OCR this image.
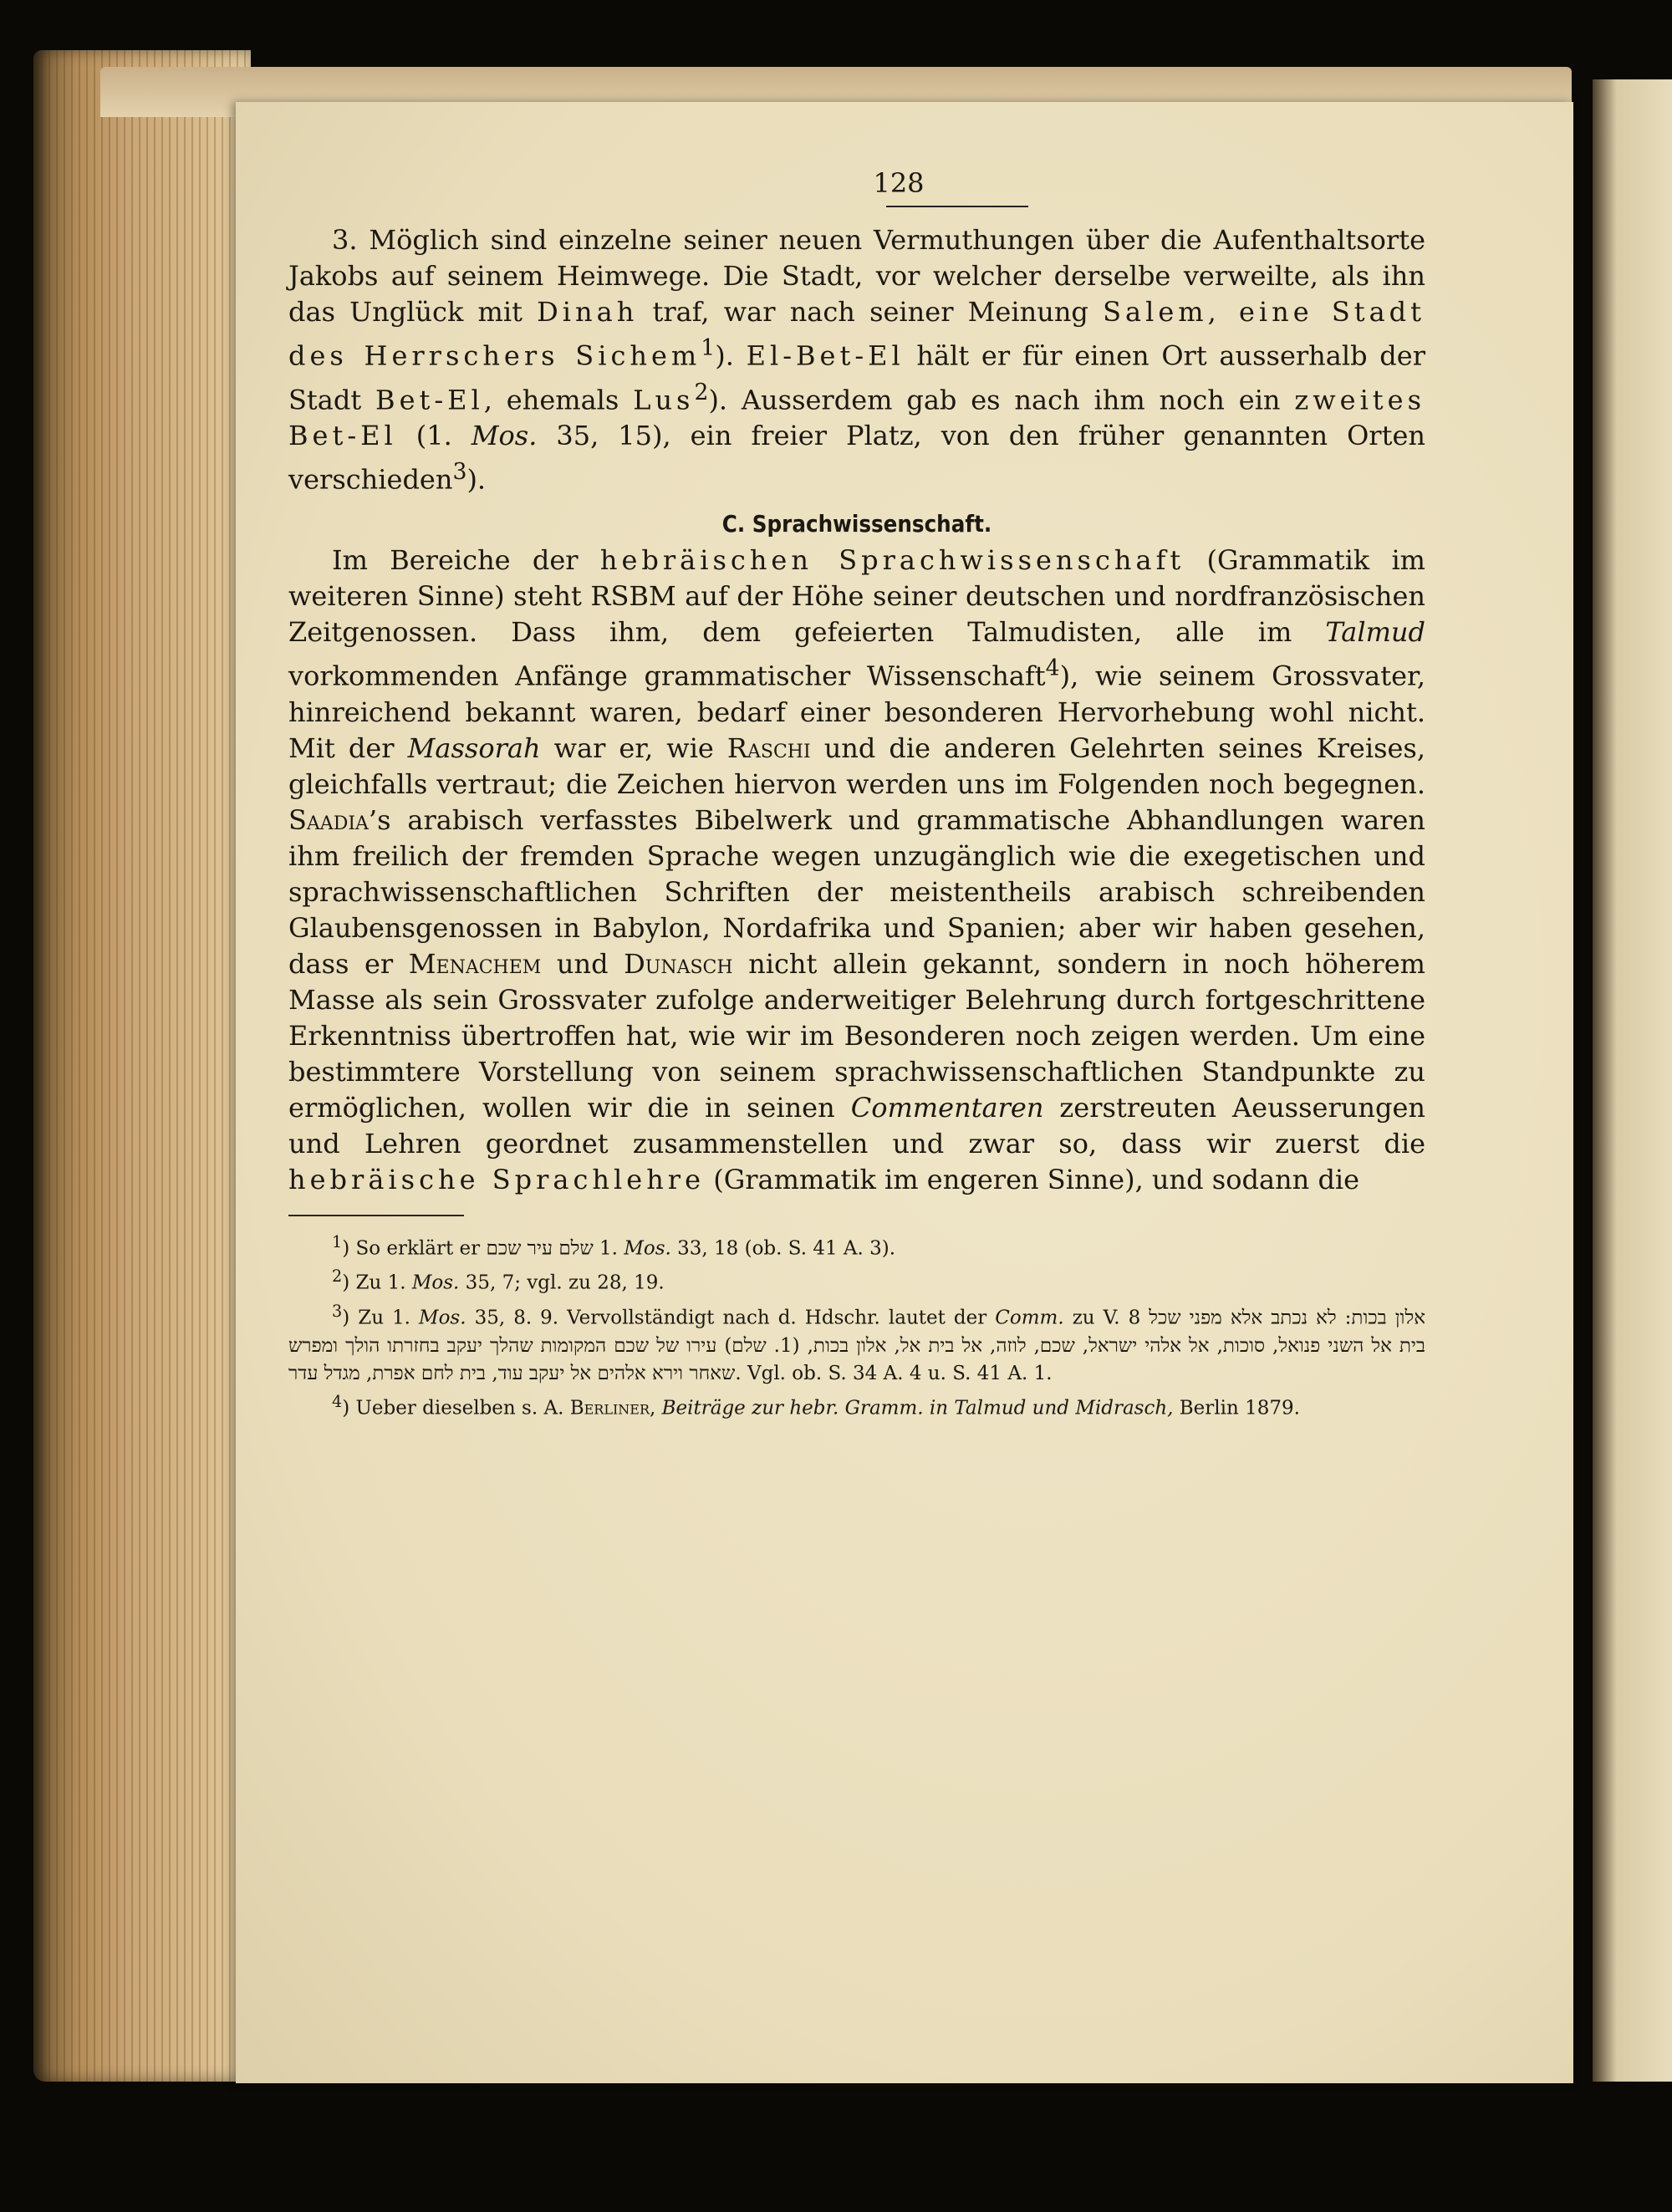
128

3. Möglich sind einzelne seiner neuen Vermuthungen über die Aufenthaltsorte Jakobs auf seinem Heimwege. Die Stadt, vor welcher derselbe verweilte, als ihn das Unglück mit Dinah traf, war nach seiner Meinung Salem, eine Stadt des Herrschers Sichem$^1$). El-Bet-El hält er für einen Ort ausserhalb der Stadt Bet-El, ehemals Lus$^2$). Ausserdem gab es nach ihm noch ein zweites Bet-El (1. Mos. 35, 15), ein freier Platz, von den früher genannten Orten verschieden$^3$).

C. Sprachwissenschaft.

Im Bereiche der hebräischen Sprachwissenschaft (Grammatik im weiteren Sinne) steht RSBM auf der Höhe seiner deutschen und nordfranzösischen Zeitgenossen. Dass ihm, dem gefeierten Talmudisten, alle im Talmud vorkommenden Anfänge grammatischer Wissenschaft$^4$), wie seinem Grossvater, hinreichend bekannt waren, bedarf einer besonderen Hervorhebung wohl nicht. Mit der Massorah war er, wie Raschi und die anderen Gelehrten seines Kreises, gleichfalls vertraut; die Zeichen hiervon werden uns im Folgenden noch begegnen. Saadia’s arabisch verfasstes Bibelwerk und grammatische Abhandlungen waren ihm freilich der fremden Sprache wegen unzugänglich wie die exegetischen und sprachwissenschaftlichen Schriften der meistentheils arabisch schreibenden Glaubensgenossen in Babylon, Nordafrika und Spanien; aber wir haben gesehen, dass er Menachem und Dunasch nicht allein gekannt, sondern in noch höherem Masse als sein Grossvater zufolge anderweitiger Belehrung durch fortgeschrittene Erkenntniss übertroffen hat, wie wir im Besonderen noch zeigen werden. Um eine bestimmtere Vorstellung von seinem sprachwissenschaftlichen Standpunkte zu ermöglichen, wollen wir die in seinen Commentaren zerstreuten Aeusserungen und Lehren geordnet zusammenstellen und zwar so, dass wir zuerst die hebräische Sprachlehre (Grammatik im engeren Sinne), und sodann die

$^1$) So erklärt er שלם עיר שכם 1. Mos. 33, 18 (ob. S. 41 A. 3).

$^2$) Zu 1. Mos. 35, 7; vgl. zu 28, 19.

$^3$) Zu 1. Mos. 35, 8. 9. Vervollständigt nach d. Hdschr. lautet der Comm. zu V. 8 אלון בכות: לא נכתב אלא מפני שכל המקומות שהלך יעקב בחזרתו הולך ומפרש (1. שלם) עירו של שכם פנואל, סוכות, אל אלהי ישראל, שכם, לוזה, אל בית אל, אלון בכות, בית אל השני שאחר וירא אלהים אל יעקב עוד, בית לחם אפרת, מגדל עדר. Vgl. ob. S. 34 A. 4 u. S. 41 A. 1.

$^4$) Ueber dieselben s. A. Berliner, Beiträge zur hebr. Gramm. in Talmud und Midrasch, Berlin 1879.
